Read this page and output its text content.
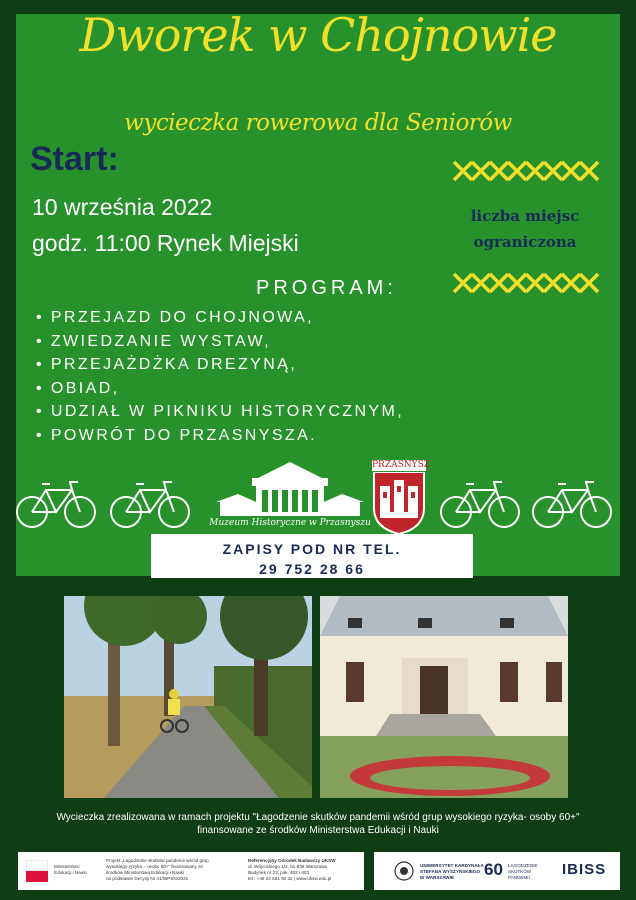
Dworek w Chojnowie
wycieczka rowerowa dla Seniorów
Start:
10 września 2022
godz. 11:00 Rynek Miejski
liczba miejsc
ograniczona
PROGRAM:
• PRZEJAZD DO CHOJNOWA,
• ZWIEDZANIE WYSTAW,
• PRZEJAŻDŻKA DREZYNĄ,
• OBIAD,
• UDZIAŁ W PIKNIKU HISTORYCZNYM,
• POWRÓT DO PRZASNYSZA.
Muzeum Historyczne w Przasnyszu
PRZASNYSZ
ZAPISY POD NR TEL.
29 752 28 66
Wycieczka zrealizowana w ramach projektu "Łagodzenie skutków pandemii wśród grup wysokiego ryzyka- osoby 60+"
finansowane ze środków Ministerstwa Edukacji i Nauki
Ministerstwo
Edukacji i Nauki
Projekt „Łagodzenie skutków pandemii wśród grup
wysokiego ryzyka – osoby 60+” finansowany ze
środków Ministerstwa Edukacji i Nauki
na podstawie Decyzji Nr 41/WPSN/2021
Referencyjny Ośrodek Badawczy UKSW
ul. Wóycickiego 1/3, 01-938 Warszawa
Budynek nr 23, pok. 402 i 403
tel.: +48 22 561 90 32 | www.uksw.edu.pl
UNIWERSYTET KARDYNAŁA
STEFANA WYSZYŃSKIEGO
W WARSZAWIE	60 ŁAGODZENIE
SKUTKÓW
PANDEMII	IBISS
